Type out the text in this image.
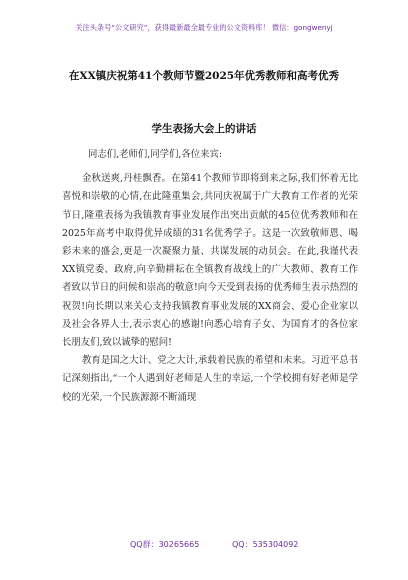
关注头条号“公文研究”，获得最新最全最专业的公文资料库！ 微信：gongwenyj
在XX镇庆祝第41个教师节暨2025年优秀教师和高考优秀
学生表扬大会上的讲话

同志们,老师们,同学们,各位来宾:

金秋送爽,丹桂飘香。在第41个教师节即将到来之际,我们怀着无比喜悦和崇敬的心情,在此隆重集会,共同庆祝属于广大教育工作者的光荣节日,隆重表扬为我镇教育事业发展作出突出贡献的45位优秀教师和在2025年高考中取得优异成绩的31名优秀学子。这是一次致敬师恩、喝彩未来的盛会,更是一次凝聚力量、共谋发展的动员会。在此,我谨代表XX镇党委、政府,向辛勤耕耘在全镇教育战线上的广大教师、教育工作者致以节日的问候和崇高的敬意!向今天受到表扬的优秀师生表示热烈的祝贺!向长期以来关心支持我镇教育事业发展的XX商会、爱心企业家以及社会各界人士,表示衷心的感谢!向悉心培育子女、为国育才的各位家长朋友们,致以诚挚的慰问!

教育是国之大计、党之大计,承载着民族的希望和未来。习近平总书记深刻指出,“一个人遇到好老师是人生的幸运,一个学校拥有好老师是学校的光荣,一个民族源源不断涌现

QQ群：30265665	QQ：535304092
